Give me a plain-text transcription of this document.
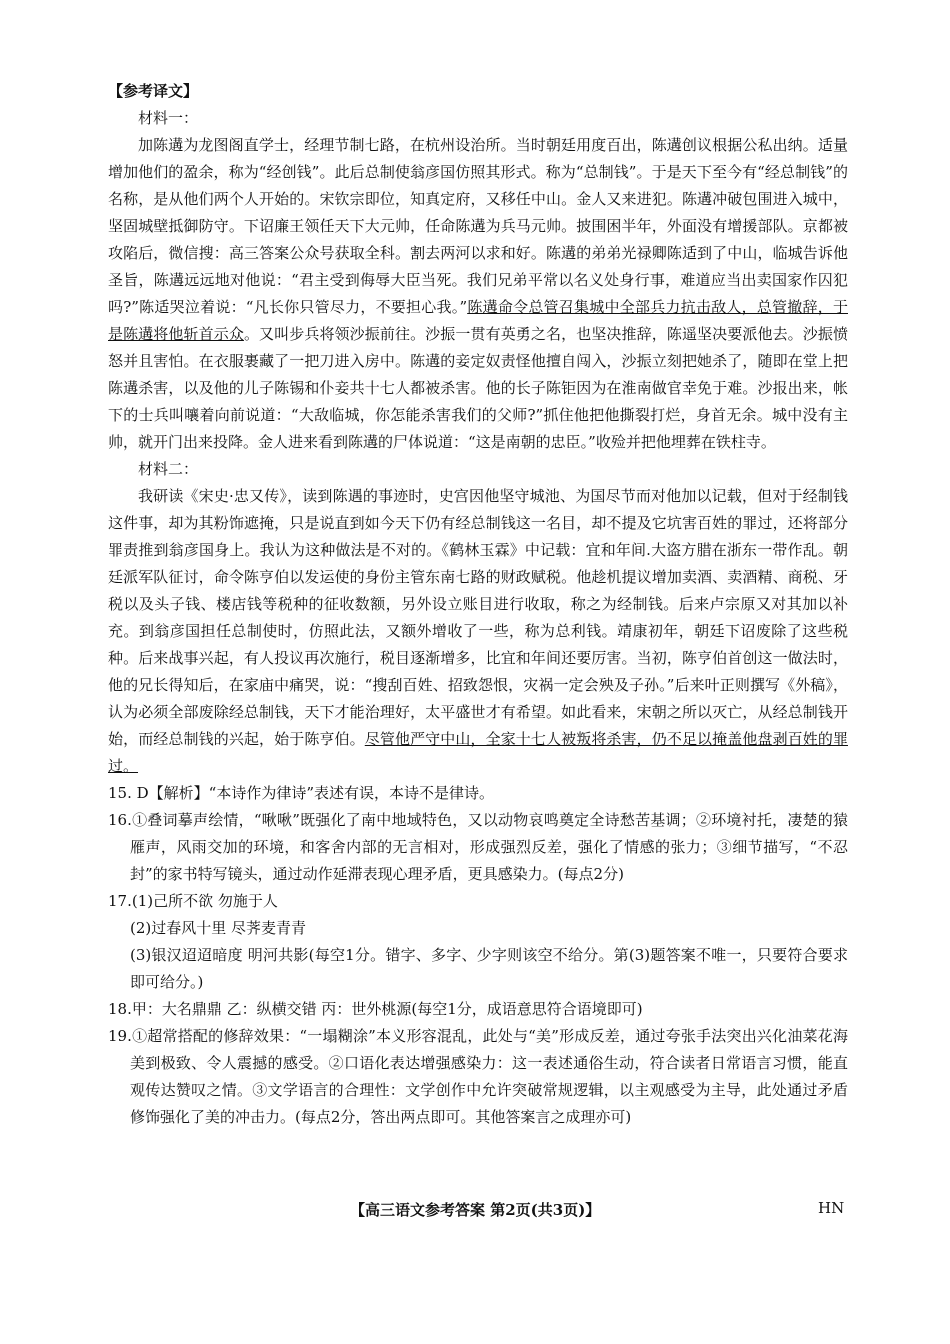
【参考译文】

材料一：

加陈遘为龙图阁直学士，经理节制七路，在杭州设治所。当时朝廷用度百出，陈遘创议根据公私出纳。适量增加他们的盈余，称为“经创钱”。此后总制使翁彦国仿照其形式。称为“总制钱”。于是天下至今有“经总制钱”的名称，是从他们两个人开始的。宋钦宗即位，知真定府，又移任中山。金人又来进犯。陈遘冲破包围进入城中，坚固城壁抵御防守。下诏廉王领任天下大元帅，任命陈遘为兵马元帅。披围困半年，外面没有增援部队。京都被攻陷后，微信搜：高三答案公众号获取全科。割去两河以求和好。陈遘的弟弟光禄卿陈适到了中山，临城告诉他圣旨，陈遘远远地对他说：“君主受到侮辱大臣当死。我们兄弟平常以名义处身行事，难道应当出卖国家作囚犯吗?”陈适哭泣着说：“凡长你只管尽力，不要担心我。”陈遘命令总管召集城中全部兵力抗击敌人，总管撤辞，于是陈遘将他斩首示众。又叫步兵将领沙振前往。沙振一贯有英勇之名，也坚决推辞，陈遥坚决要派他去。沙振愤怒并且害怕。在衣服裹藏了一把刀进入房中。陈遘的妾定奴责怪他擅自闯入，沙振立刻把她杀了，随即在堂上把陈遘杀害，以及他的儿子陈锡和仆妾共十七人都被杀害。他的长子陈钜因为在淮南做官幸免于难。沙报出来，帐下的士兵叫嚷着向前说道：“大敌临城，你怎能杀害我们的父师?”抓住他把他撕裂打烂，身首无余。城中没有主帅，就开门出来投降。金人进来看到陈遘的尸体说道：“这是南朝的忠臣。”收殓并把他埋葬在铁柱寺。

材料二：

我研读《宋史·忠又传》，读到陈遇的事迹时，史宫因他坚守城池、为国尽节而对他加以记载，但对于经制钱这件事，却为其粉饰遮掩，只是说直到如今天下仍有经总制钱这一名目，却不提及它坑害百姓的罪过，还将部分罪责推到翁彦国身上。我认为这种做法是不对的。《鹤林玉霖》中记载：宜和年间.大盗方腊在浙东一带作乱。朝廷派军队征讨，命令陈亨伯以发运使的身份主管东南七路的财政赋税。他趁机提议增加卖酒、卖酒精、商税、牙税以及头子钱、楼店钱等税种的征收数额，另外设立账目进行收取，称之为经制钱。后来卢宗原又对其加以补充。到翁彦国担任总制使时，仿照此法，又额外增收了一些，称为总利钱。靖康初年，朝廷下诏废除了这些税种。后来战事兴起，有人投议再次施行，税目逐渐增多，比宜和年间还要厉害。当初，陈亨伯首创这一做法时，他的兄长得知后，在家庙中痛哭，说：“搜刮百姓、招致怨恨，灾祸一定会殃及子孙。”后来叶正则撰写《外稿》，认为必须全部废除经总制钱，天下才能治理好，太平盛世才有希望。如此看来，宋朝之所以灭亡，从经总制钱开始，而经总制钱的兴起，始于陈亨伯。尽管他严守中山，全家十七人被叛将杀害，仍不足以掩盖他盘剥百姓的罪过。

15. D【解析】“本诗作为律诗”表述有误，本诗不是律诗。

16.①叠词摹声绘情，“啾啾”既强化了南中地域特色，又以动物哀鸣奠定全诗愁苦基调；②环境衬托，凄楚的猿雁声，风雨交加的环境，和客舍内部的无言相对，形成强烈反差，强化了情感的张力；③细节描写，“不忍封”的家书特写镜头，通过动作延滞表现心理矛盾，更具感染力。(每点2分)

17.(1)己所不欲 勿施于人

(2)过春风十里 尽荠麦青青

(3)银汉迢迢暗度 明河共影(每空1分。错字、多字、少字则该空不给分。第(3)题答案不唯一，只要符合要求即可给分。)

18.甲：大名鼎鼎 乙：纵横交错 丙：世外桃源(每空1分，成语意思符合语境即可)

19.①超常搭配的修辞效果：“一塌糊涂”本义形容混乱，此处与“美”形成反差，通过夸张手法突出兴化油菜花海美到极致、令人震撼的感受。②口语化表达增强感染力：这一表述通俗生动，符合读者日常语言习惯，能直观传达赞叹之情。③文学语言的合理性：文学创作中允许突破常规逻辑，以主观感受为主导，此处通过矛盾修饰强化了美的冲击力。(每点2分，答出两点即可。其他答案言之成理亦可)

【高三语文参考答案 第2页(共3页)】	HN
